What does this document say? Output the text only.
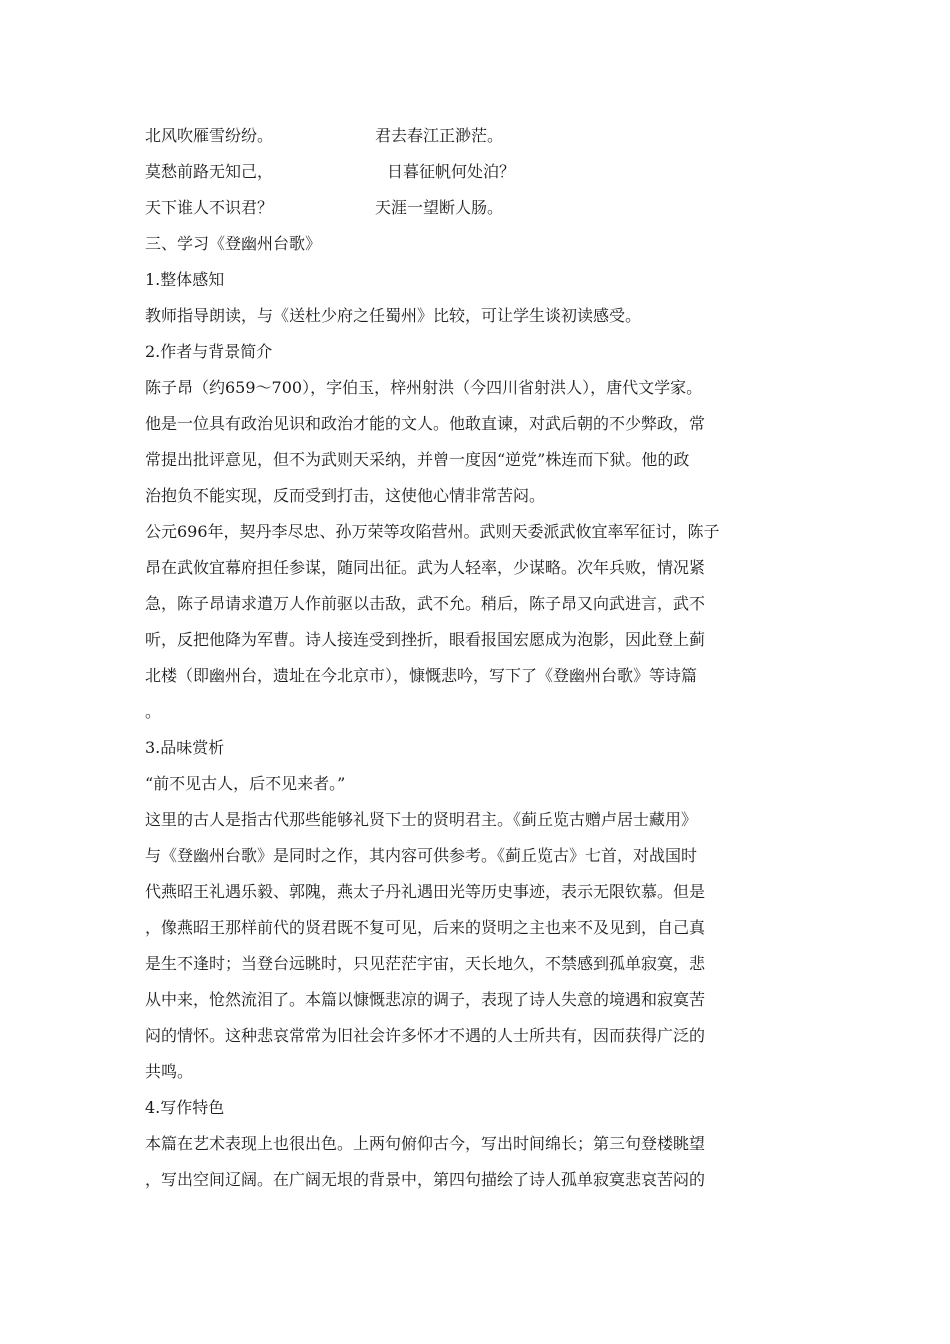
北风吹雁雪纷纷。	君去春江正渺茫。
莫愁前路无知己，	日暮征帆何处泊？
天下谁人不识君？	天涯一望断人肠。
三、学习《登幽州台歌》
1.整体感知
教师指导朗读，与《送杜少府之任蜀州》比较，可让学生谈初读感受。
2.作者与背景简介
陈子昂（约659～700），字伯玉，梓州射洪（今四川省射洪人），唐代文学家。
他是一位具有政治见识和政治才能的文人。他敢直谏，对武后朝的不少弊政，常
常提出批评意见，但不为武则天采纳，并曾一度因“逆党”株连而下狱。他的政
治抱负不能实现，反而受到打击，这使他心情非常苦闷。
公元696年，契丹李尽忠、孙万荣等攻陷营州。武则天委派武攸宜率军征讨，陈子
昂在武攸宜幕府担任参谋，随同出征。武为人轻率，少谋略。次年兵败，情况紧
急，陈子昂请求遣万人作前驱以击敌，武不允。稍后，陈子昂又向武进言，武不
听，反把他降为军曹。诗人接连受到挫折，眼看报国宏愿成为泡影，因此登上蓟
北楼（即幽州台，遗址在今北京市），慷慨悲吟，写下了《登幽州台歌》等诗篇
。
3.品味赏析
“前不见古人，后不见来者。”
这里的古人是指古代那些能够礼贤下士的贤明君主。《蓟丘览古赠卢居士藏用》
与《登幽州台歌》是同时之作，其内容可供参考。《蓟丘览古》七首，对战国时
代燕昭王礼遇乐毅、郭隗，燕太子丹礼遇田光等历史事迹，表示无限钦慕。但是
，像燕昭王那样前代的贤君既不复可见，后来的贤明之主也来不及见到，自己真
是生不逢时；当登台远眺时，只见茫茫宇宙，天长地久，不禁感到孤单寂寞，悲
从中来，怆然流泪了。本篇以慷慨悲凉的调子，表现了诗人失意的境遇和寂寞苦
闷的情怀。这种悲哀常常为旧社会许多怀才不遇的人士所共有，因而获得广泛的
共鸣。
4.写作特色
本篇在艺术表现上也很出色。上两句俯仰古今，写出时间绵长；第三句登楼眺望
，写出空间辽阔。在广阔无垠的背景中，第四句描绘了诗人孤单寂寞悲哀苦闷的
